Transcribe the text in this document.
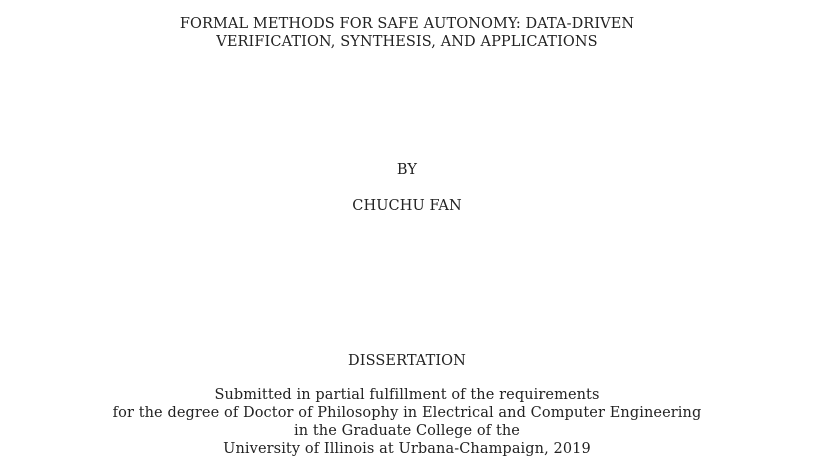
FORMAL METHODS FOR SAFE AUTONOMY: DATA-DRIVEN
VERIFICATION, SYNTHESIS, AND APPLICATIONS
BY
CHUCHU FAN
DISSERTATION
Submitted in partial fulfillment of the requirements
for the degree of Doctor of Philosophy in Electrical and Computer Engineering
in the Graduate College of the
University of Illinois at Urbana-Champaign, 2019
